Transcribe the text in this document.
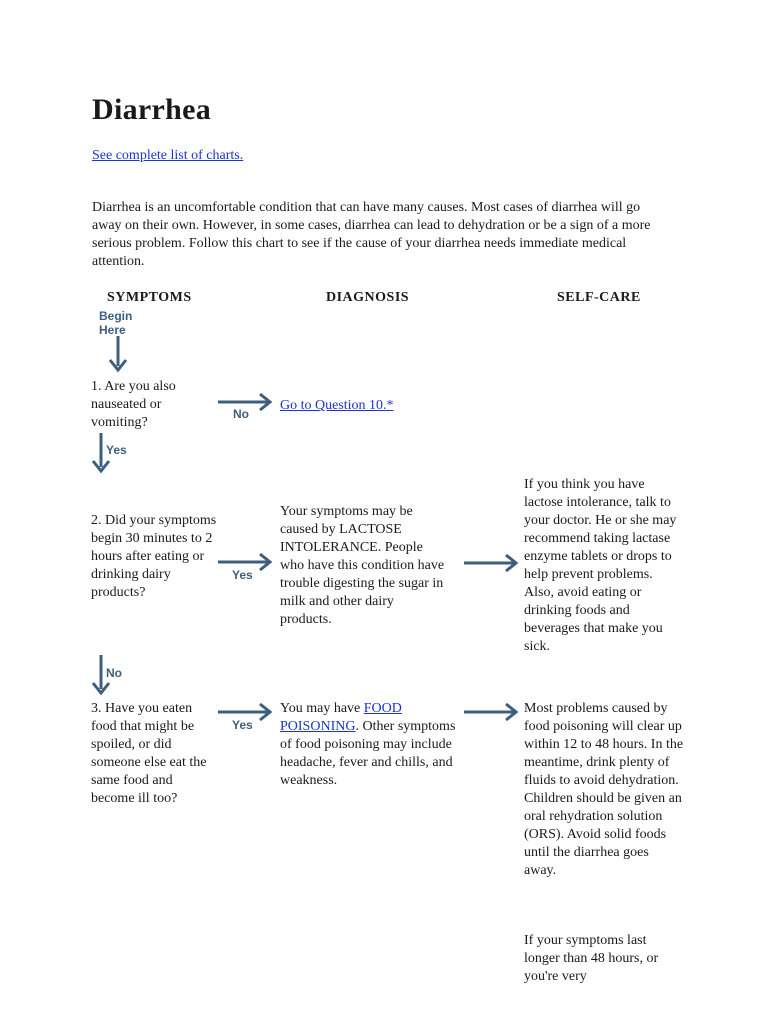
Diarrhea
See complete list of charts.
Diarrhea is an uncomfortable condition that can have many causes. Most cases of diarrhea will go away on their own. However, in some cases, diarrhea can lead to dehydration or be a sign of a more serious problem. Follow this chart to see if the cause of your diarrhea needs immediate medical attention.
SYMPTOMS	DIAGNOSIS	SELF-CARE
Begin Here
1. Are you also nauseated or vomiting?
No
Go to Question 10.*
Yes
2. Did your symptoms begin 30 minutes to 2 hours after eating or drinking dairy products?
Yes
Your symptoms may be caused by LACTOSE INTOLERANCE. People who have this condition have trouble digesting the sugar in milk and other dairy products.
If you think you have lactose intolerance, talk to your doctor. He or she may recommend taking lactase enzyme tablets or drops to help prevent problems. Also, avoid eating or drinking foods and beverages that make you sick.
No
3. Have you eaten food that might be spoiled, or did someone else eat the same food and become ill too?
Yes
You may have FOOD POISONING. Other symptoms of food poisoning may include headache, fever and chills, and weakness.
Most problems caused by food poisoning will clear up within 12 to 48 hours. In the meantime, drink plenty of fluids to avoid dehydration. Children should be given an oral rehydration solution (ORS). Avoid solid foods until the diarrhea goes away.
If your symptoms last longer than 48 hours, or you're very
